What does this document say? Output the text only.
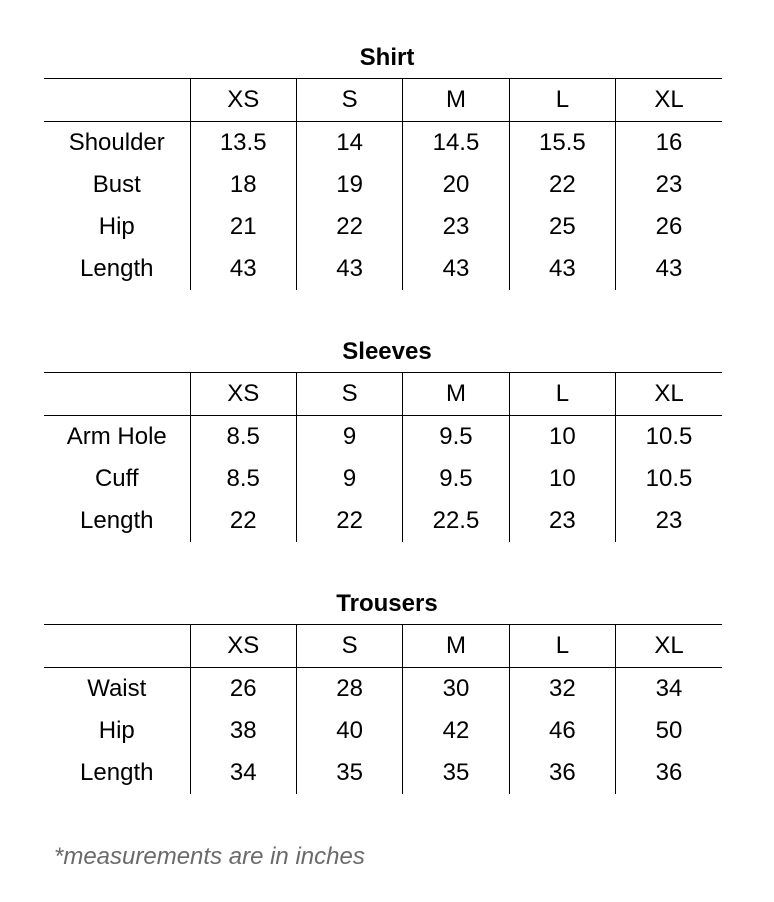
Shirt
	XS	S	M	L	XL
Shoulder	13.5	14	14.5	15.5	16
Bust	18	19	20	22	23
Hip	21	22	23	25	26
Length	43	43	43	43	43
Sleeves
	XS	S	M	L	XL
Arm Hole	8.5	9	9.5	10	10.5
Cuff	8.5	9	9.5	10	10.5
Length	22	22	22.5	23	23
Trousers
	XS	S	M	L	XL
Waist	26	28	30	32	34
Hip	38	40	42	46	50
Length	34	35	35	36	36
*measurements are in inches
